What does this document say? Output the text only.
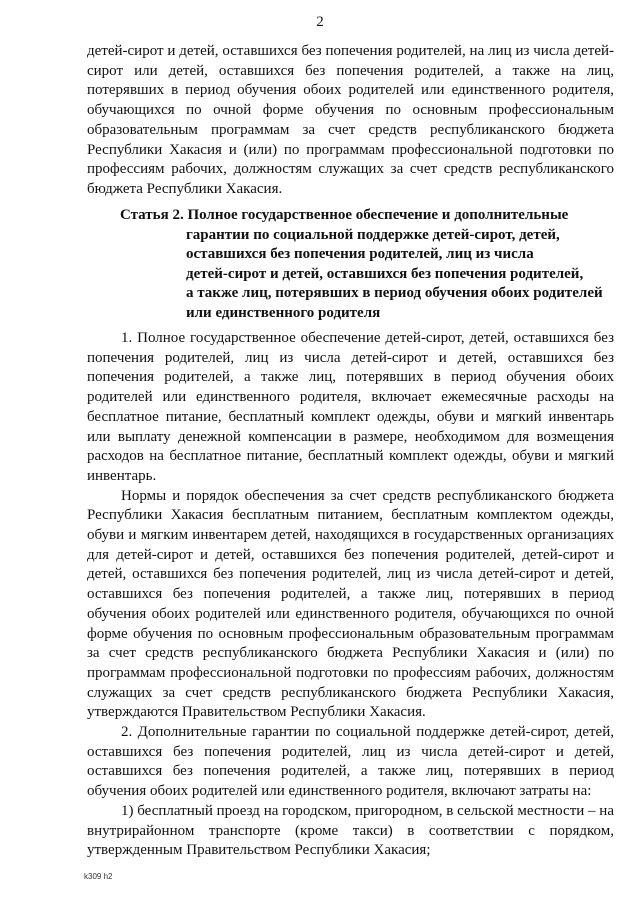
2

детей-сирот и детей, оставшихся без попечения родителей, на лиц из числа детей-сирот или детей, оставшихся без попечения родителей, а также на лиц, потерявших в период обучения обоих родителей или единственного родителя, обучающихся по очной форме обучения по основным профессиональным образовательным программам за счет средств республиканского бюджета Республики Хакасия и (или) по программам профессиональной подготовки по профессиям рабочих, должностям служащих за счет средств республиканского бюджета Республики Хакасия.

Статья 2. Полное государственное обеспечение и дополнительные
гарантии по социальной поддержке детей-сирот, детей,
оставшихся без попечения родителей, лиц из числа
детей-сирот и детей, оставшихся без попечения родителей,
а также лиц, потерявших в период обучения обоих родителей
или единственного родителя

1. Полное государственное обеспечение детей-сирот, детей, оставшихся без попечения родителей, лиц из числа детей-сирот и детей, оставшихся без попечения родителей, а также лиц, потерявших в период обучения обоих родителей или единственного родителя, включает ежемесячные расходы на бесплатное питание, бесплатный комплект одежды, обуви и мягкий инвентарь или выплату денежной компенсации в размере, необходимом для возмещения расходов на бесплатное питание, бесплатный комплект одежды, обуви и мягкий инвентарь.

Нормы и порядок обеспечения за счет средств республиканского бюджета Республики Хакасия бесплатным питанием, бесплатным комплектом одежды, обуви и мягким инвентарем детей, находящихся в государственных организациях для детей-сирот и детей, оставшихся без попечения родителей, детей-сирот и детей, оставшихся без попечения родителей, лиц из числа детей-сирот и детей, оставшихся без попечения родителей, а также лиц, потерявших в период обучения обоих родителей или единственного родителя, обучающихся по очной форме обучения по основным профессиональным образовательным программам за счет средств республиканского бюджета Республики Хакасия и (или) по программам профессиональной подготовки по профессиям рабочих, должностям служащих за счет средств республиканского бюджета Республики Хакасия, утверждаются Правительством Республики Хакасия.

2. Дополнительные гарантии по социальной поддержке детей-сирот, детей, оставшихся без попечения родителей, лиц из числа детей-сирот и детей, оставшихся без попечения родителей, а также лиц, потерявших в период обучения обоих родителей или единственного родителя, включают затраты на:

1) бесплатный проезд на городском, пригородном, в сельской местности – на внутрирайонном транспорте (кроме такси) в соответствии с порядком, утвержденным Правительством Республики Хакасия;

k309 h2
